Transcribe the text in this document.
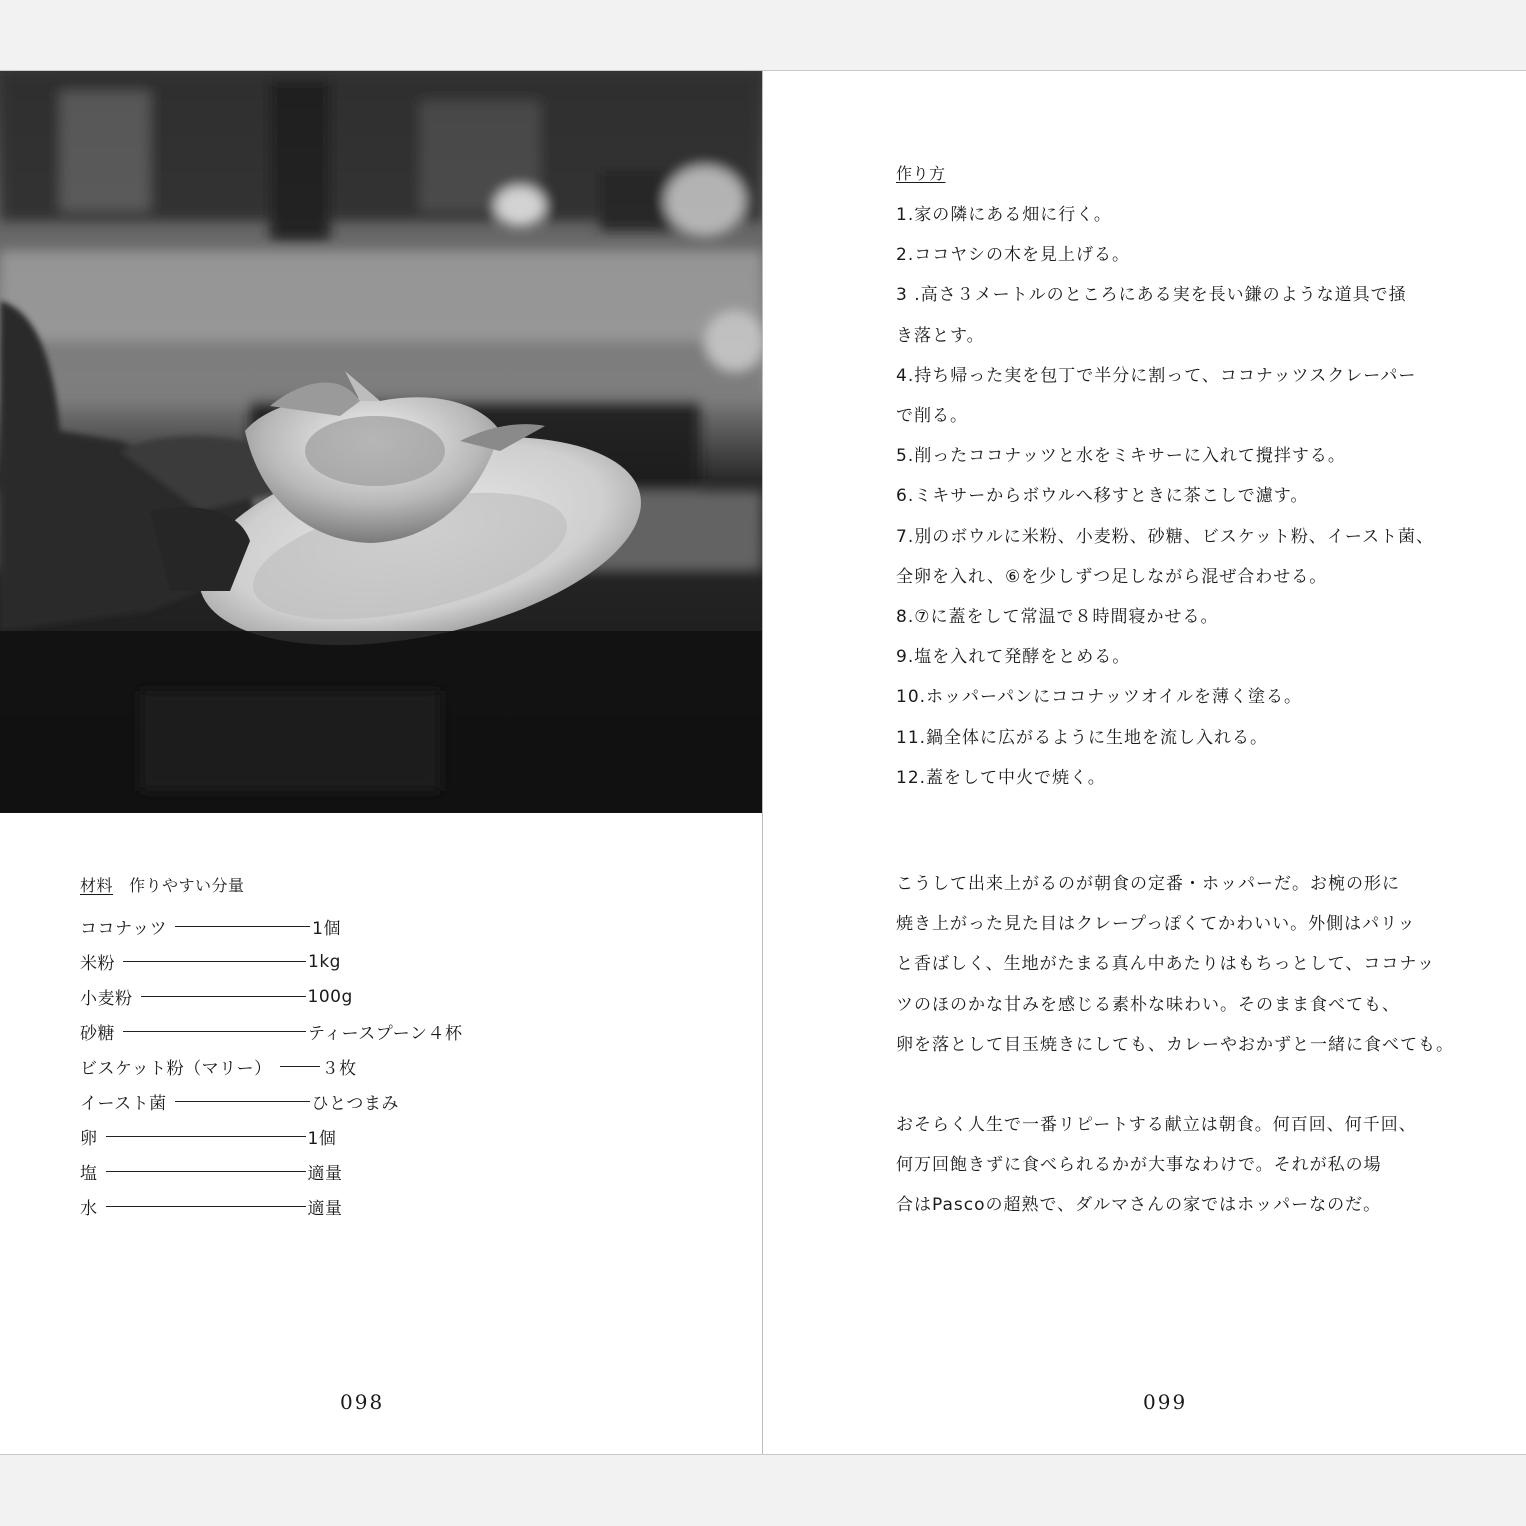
材料 作りやすい分量
ココナッツ	1個
米粉	1kg
小麦粉	100g
砂糖	ティースプーン４杯
ビスケット粉（マリー）	３枚
イースト菌	ひとつまみ
卵	1個
塩	適量
水	適量
098
作り方
1.家の隣にある畑に行く。
2.ココヤシの木を見上げる。
3 .高さ３メートルのところにある実を長い鎌のような道具で掻
き落とす。
4.持ち帰った実を包丁で半分に割って、ココナッツスクレーパー
で削る。
5.削ったココナッツと水をミキサーに入れて攪拌する。
6.ミキサーからボウルへ移すときに茶こしで濾す。
7.別のボウルに米粉、小麦粉、砂糖、ビスケット粉、イースト菌、
全卵を入れ、⑥を少しずつ足しながら混ぜ合わせる。
8.⑦に蓋をして常温で８時間寝かせる。
9.塩を入れて発酵をとめる。
10.ホッパーパンにココナッツオイルを薄く塗る。
11.鍋全体に広がるように生地を流し入れる。
12.蓋をして中火で焼く。
こうして出来上がるのが朝食の定番・ホッパーだ。お椀の形に
焼き上がった見た目はクレープっぽくてかわいい。外側はパリッ
と香ばしく、生地がたまる真ん中あたりはもちっとして、ココナッ
ツのほのかな甘みを感じる素朴な味わい。そのまま食べても、
卵を落として目玉焼きにしても、カレーやおかずと一緒に食べても。
おそらく人生で一番リピートする献立は朝食。何百回、何千回、
何万回飽きずに食べられるかが大事なわけで。それが私の場
合はPascoの超熟で、ダルマさんの家ではホッパーなのだ。
099
